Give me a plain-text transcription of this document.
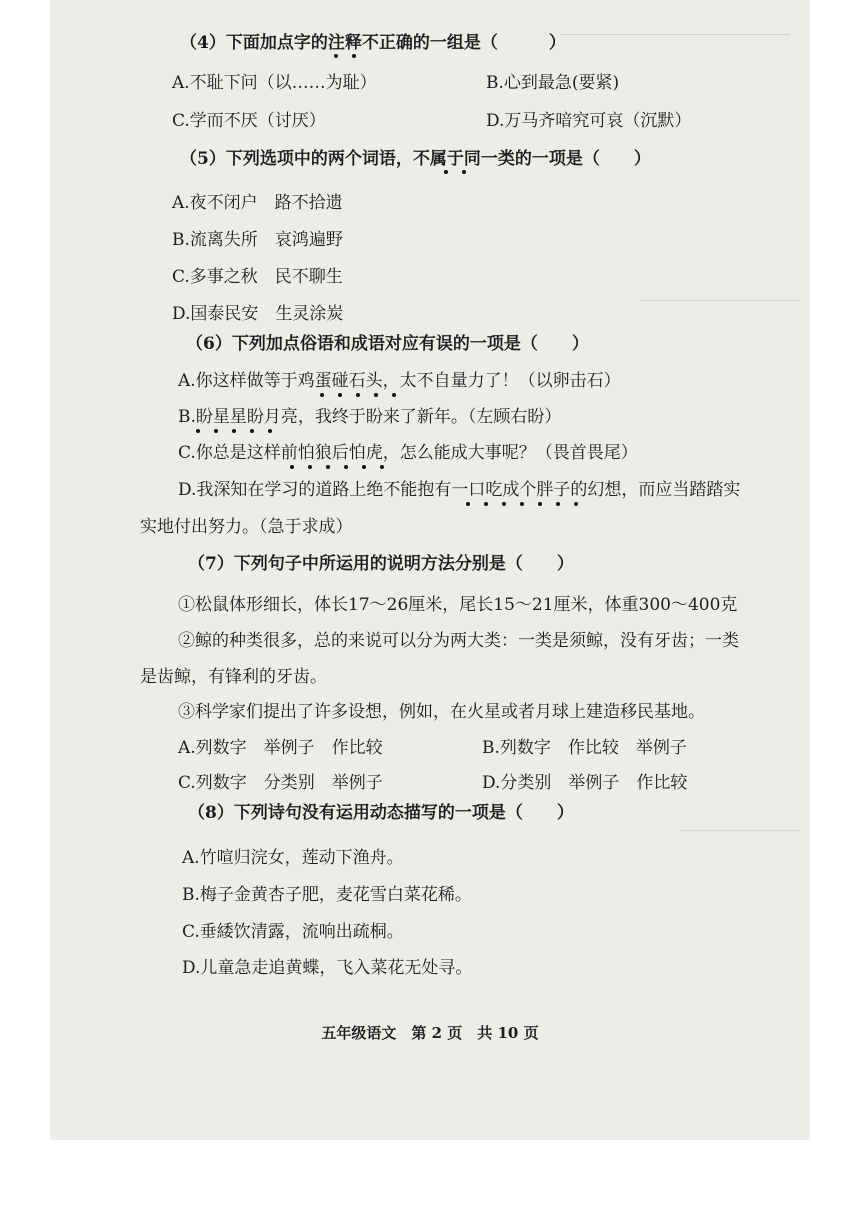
（4）下面加点字的注释不正确的一组是（　　　）
A.不耻下问（以……为耻）	B.心到最急(要紧)
C.学而不厌（讨厌）	D.万马齐喑究可哀（沉默）
（5）下列选项中的两个词语，不属于同一类的一项是（　　）
A.夜不闭户　路不拾遗
B.流离失所　哀鸿遍野
C.多事之秋　民不聊生
D.国泰民安　生灵涂炭
（6）下列加点俗语和成语对应有误的一项是（　　）
A.你这样做等于鸡蛋碰石头，太不自量力了！（以卵击石）
B.盼星星盼月亮，我终于盼来了新年。（左顾右盼）
C.你总是这样前怕狼后怕虎，怎么能成大事呢？（畏首畏尾）
D.我深知在学习的道路上绝不能抱有一口吃成个胖子的幻想，而应当踏踏实
实地付出努力。（急于求成）
（7）下列句子中所运用的说明方法分别是（　　）
①松鼠体形细长，体长17～26厘米，尾长15～21厘米，体重300～400克
②鲸的种类很多，总的来说可以分为两大类：一类是须鲸，没有牙齿；一类
是齿鲸，有锋利的牙齿。
③科学家们提出了许多设想，例如，在火星或者月球上建造移民基地。
A.列数字　举例子　作比较	B.列数字　作比较　举例子
C.列数字　分类别　举例子	D.分类别　举例子　作比较
（8）下列诗句没有运用动态描写的一项是（　　）
A.竹喧归浣女，莲动下渔舟。
B.梅子金黄杏子肥，麦花雪白菜花稀。
C.垂緌饮清露，流响出疏桐。
D.儿童急走追黄蝶，飞入菜花无处寻。
五年级语文　第 2 页　共 10 页
